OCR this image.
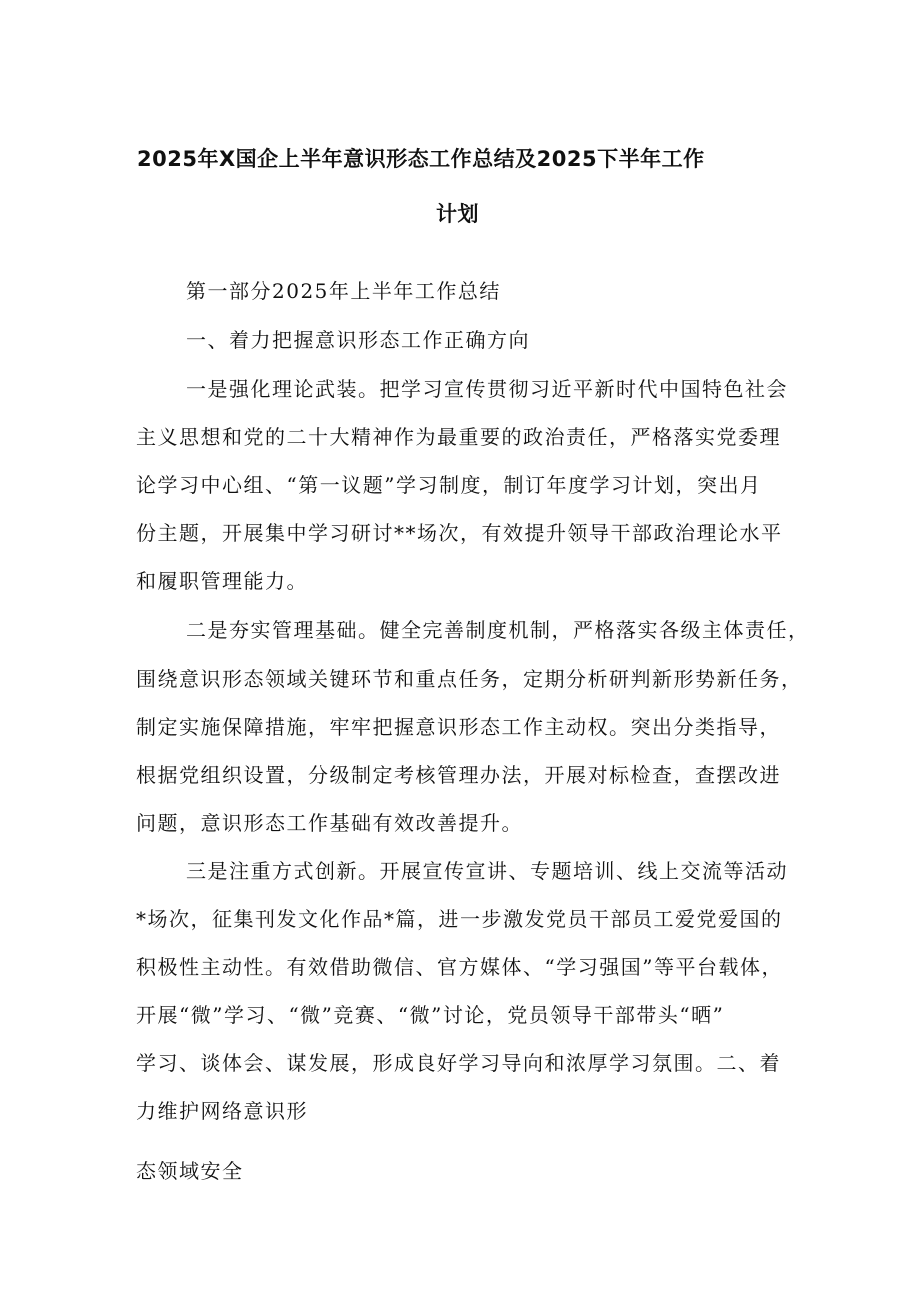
2025年X国企上半年意识形态工作总结及2025下半年工作
计划
第一部分2025年上半年工作总结
一、着力把握意识形态工作正确方向
一是强化理论武装。把学习宣传贯彻习近平新时代中国特色社会
主义思想和党的二十大精神作为最重要的政治责任，严格落实党委理
论学习中心组、“第一议题”学习制度，制订年度学习计划，突出月
份主题，开展集中学习研讨**场次，有效提升领导干部政治理论水平
和履职管理能力。
二是夯实管理基础。健全完善制度机制，严格落实各级主体责任，
围绕意识形态领域关键环节和重点任务，定期分析研判新形势新任务，
制定实施保障措施，牢牢把握意识形态工作主动权。突出分类指导，
根据党组织设置，分级制定考核管理办法，开展对标检查，查摆改进
问题，意识形态工作基础有效改善提升。
三是注重方式创新。开展宣传宣讲、专题培训、线上交流等活动
*场次，征集刊发文化作品*篇，进一步激发党员干部员工爱党爱国的
积极性主动性。有效借助微信、官方媒体、“学习强国”等平台载体，
开展“微”学习、“微”竞赛、“微”讨论，党员领导干部带头“晒”
学习、谈体会、谋发展，形成良好学习导向和浓厚学习氛围。二、着
力维护网络意识形
态领域安全
